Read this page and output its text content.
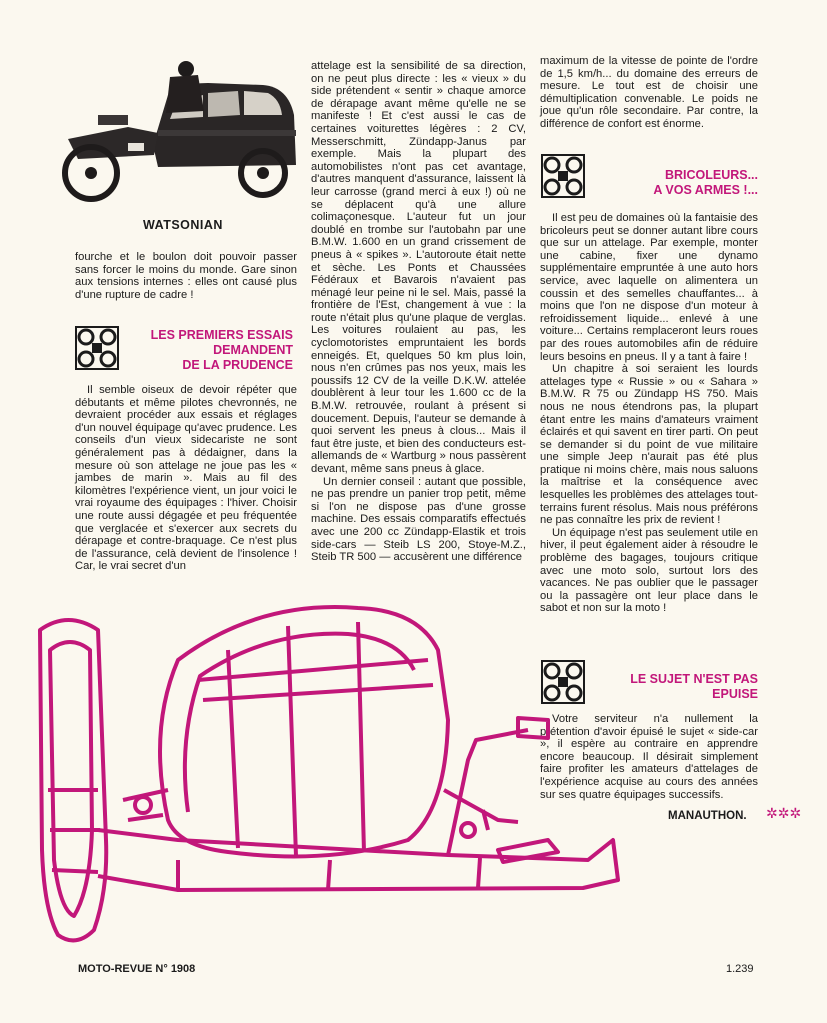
WATSONIAN

fourche et le boulon doit pouvoir passer sans forcer le moins du monde. Gare sinon aux tensions internes : elles ont causé plus d'une rupture de cadre !

LES PREMIERS ESSAIS
DEMANDENT
DE LA PRUDENCE

Il semble oiseux de devoir répéter que débutants et même pilotes chevronnés, ne devraient procéder aux essais et réglages d'un nouvel équipage qu'avec prudence. Les conseils d'un vieux sidecariste ne sont généralement pas à dédaigner, dans la mesure où son attelage ne joue pas les « jambes de marin ». Mais au fil des kilomètres l'expérience vient, un jour voici le vrai royaume des équipages : l'hiver. Choisir une route aussi dégagée et peu fréquentée que verglacée et s'exercer aux secrets du dérapage et contre-braquage. Ce n'est plus de l'assurance, celà devient de l'insolence ! Car, le vrai secret d'un

attelage est la sensibilité de sa direction, on ne peut plus directe : les « vieux » du side prétendent « sentir » chaque amorce de dérapage avant même qu'elle ne se manifeste ! Et c'est aussi le cas de certaines voiturettes légères : 2 CV, Messerschmitt, Zündapp-Janus par exemple. Mais la plupart des automobilistes n'ont pas cet avantage, d'autres manquent d'assurance, laissent là leur carrosse (grand merci à eux !) où ne se déplacent qu'à une allure colimaçonesque. L'auteur fut un jour doublé en trombe sur l'autobahn par une B.M.W. 1.600 en un grand crissement de pneus à « spikes ». L'autoroute était nette et sèche. Les Ponts et Chaussées Fédéraux et Bavarois n'avaient pas ménagé leur peine ni le sel. Mais, passé la frontière de l'Est, changement à vue : la route n'était plus qu'une plaque de verglas. Les voitures roulaient au pas, les cyclomotoristes empruntaient les bords enneigés. Et, quelques 50 km plus loin, nous n'en crûmes pas nos yeux, mais les poussifs 12 CV de la veille D.K.W. attelée doublèrent à leur tour les 1.600 cc de la B.M.W. retrouvée, roulant à présent si doucement. Depuis, l'auteur se demande à quoi servent les pneus à clous... Mais il faut être juste, et bien des conducteurs est-allemands de « Wartburg » nous passèrent devant, même sans pneus à glace.

Un dernier conseil : autant que possible, ne pas prendre un panier trop petit, même si l'on ne dispose pas d'une grosse machine. Des essais comparatifs effectués avec une 200 cc Zündapp-Elastik et trois side-cars — Steib LS 200, Stoye-M.Z., Steib TR 500 — accusèrent une différence

maximum de la vitesse de pointe de l'ordre de 1,5 km/h... du domaine des erreurs de mesure. Le tout est de choisir une démultiplication convenable. Le poids ne joue qu'un rôle secondaire. Par contre, la différence de confort est énorme.

BRICOLEURS...
A VOS ARMES !...

Il est peu de domaines où la fantaisie des bricoleurs peut se donner autant libre cours que sur un attelage. Par exemple, monter une cabine, fixer une dynamo supplémentaire empruntée à une auto hors service, avec laquelle on alimentera un coussin et des semelles chauffantes... à moins que l'on ne dispose d'un moteur à refroidissement liquide... enlevé à une voiture... Certains remplaceront leurs roues par des roues automobiles afin de réduire leurs besoins en pneus. Il y a tant à faire !

Un chapitre à soi seraient les lourds attelages type « Russie » ou « Sahara » B.M.W. R 75 ou Zündapp HS 750. Mais nous ne nous étendrons pas, la plupart étant entre les mains d'amateurs vraiment éclairés et qui savent en tirer parti. On peut se demander si du point de vue militaire une simple Jeep n'aurait pas été plus pratique ni moins chère, mais nous saluons la maîtrise et la conséquence avec lesquelles les problèmes des attelages tout-terrains furent résolus. Mais nous préférons ne pas connaître les prix de revient !

Un équipage n'est pas seulement utile en hiver, il peut également aider à résoudre le problème des bagages, toujours critique avec une moto solo, surtout lors des vacances. Ne pas oublier que le passager ou la passagère ont leur place dans le sabot et non sur la moto !

LE SUJET N'EST PAS
EPUISE

Votre serviteur n'a nullement la prétention d'avoir épuisé le sujet « side-car », il espère au contraire en apprendre encore beaucoup. Il désirait simplement faire profiter les amateurs d'attelages de l'expérience acquise au cours des années sur ses quatre équipages successifs.

MANAUTHON. ✲✲✲
MOTO-REVUE N° 1908	1.239
